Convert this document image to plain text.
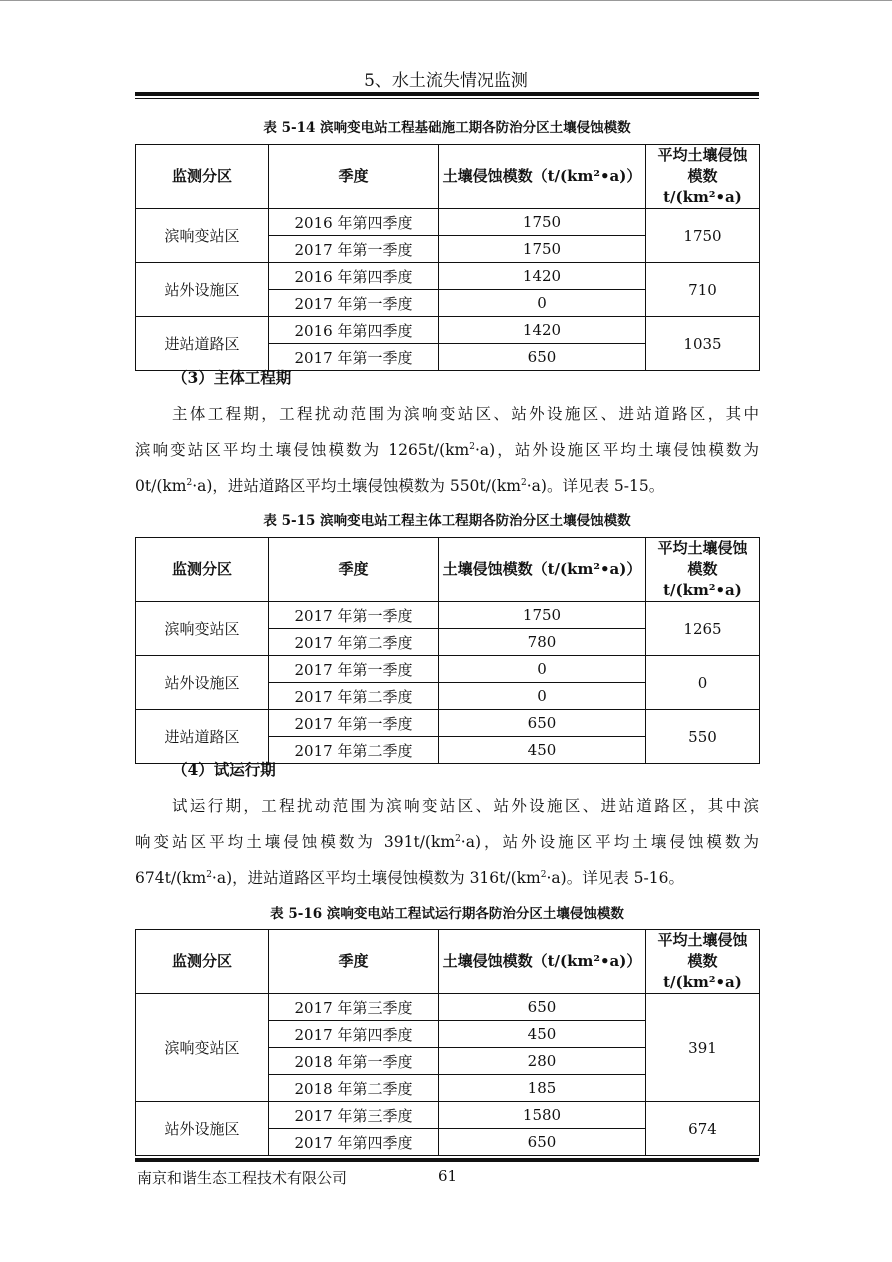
5、水土流失情况监测
表 5-14 滨响变电站工程基础施工期各防治分区土壤侵蚀模数
监测分区	季度	土壤侵蚀模数（t/(km²•a)）	平均土壤侵蚀
模数 t/(km²•a)
滨响变站区	2016 年第四季度	1750	1750
	2017 年第一季度	1750	
站外设施区	2016 年第四季度	1420	710
	2017 年第一季度	0	
进站道路区	2016 年第四季度	1420	1035
	2017 年第一季度	650	
（3）主体工程期
主体工程期，工程扰动范围为滨响变站区、站外设施区、进站道路区，其中
滨响变站区平均土壤侵蚀模数为 $1265t/(km^2\cdot a)$，站外设施区平均土壤侵蚀模数为
$0t/(km^2\cdot a)$，进站道路区平均土壤侵蚀模数为 $550t/(km^2\cdot a)$。详见表 5-15。
表 5-15 滨响变电站工程主体工程期各防治分区土壤侵蚀模数
监测分区	季度	土壤侵蚀模数（t/(km²•a)）	平均土壤侵蚀
模数 t/(km²•a)
滨响变站区	2017 年第一季度	1750	1265
	2017 年第二季度	780	
站外设施区	2017 年第一季度	0	0
	2017 年第二季度	0	
进站道路区	2017 年第一季度	650	550
	2017 年第二季度	450	
（4）试运行期
试运行期，工程扰动范围为滨响变站区、站外设施区、进站道路区，其中滨
响变站区平均土壤侵蚀模数为 $391t/(km^2\cdot a)$，站外设施区平均土壤侵蚀模数为
$674t/(km^2\cdot a)$，进站道路区平均土壤侵蚀模数为 $316t/(km^2\cdot a)$。详见表 5-16。
表 5-16 滨响变电站工程试运行期各防治分区土壤侵蚀模数
监测分区	季度	土壤侵蚀模数（t/(km²•a)）	平均土壤侵蚀
模数 t/(km²•a)
滨响变站区	2017 年第三季度	650	391
	2017 年第四季度	450	
	2018 年第一季度	280	
	2018 年第二季度	185	
站外设施区	2017 年第三季度	1580	674
	2017 年第四季度	650	
南京和谐生态工程技术有限公司	61
